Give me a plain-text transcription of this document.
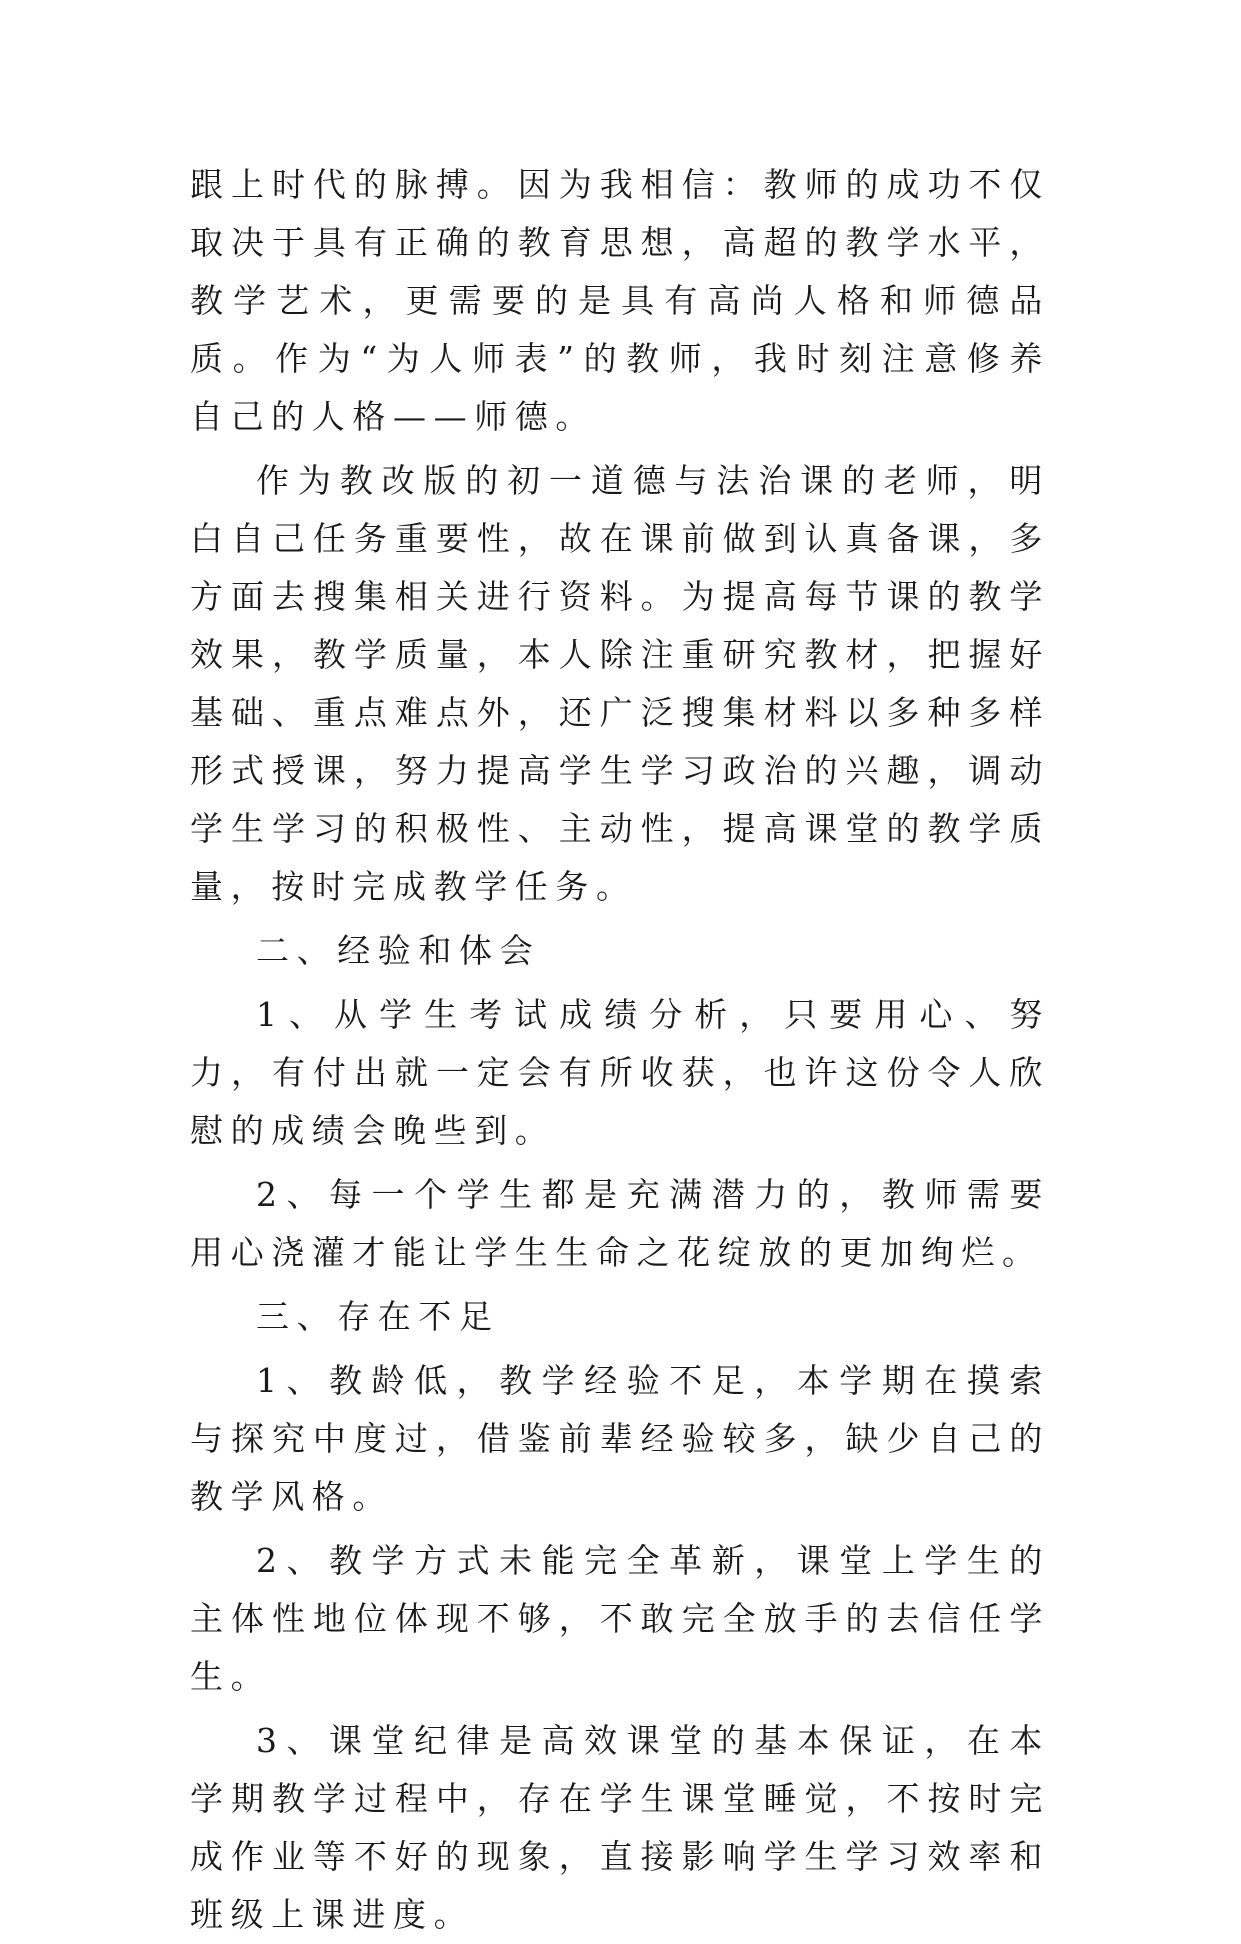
跟上时代的脉搏。因为我相信：教师的成功不仅取决于具有正确的教育思想，高超的教学水平，教学艺术，更需要的是具有高尚人格和师德品质。作为“为人师表”的教师，我时刻注意修养自己的人格——师德。

作为教改版的初一道德与法治课的老师，明白自己任务重要性，故在课前做到认真备课，多方面去搜集相关进行资料。为提高每节课的教学效果，教学质量，本人除注重研究教材，把握好基础、重点难点外，还广泛搜集材料以多种多样形式授课，努力提高学生学习政治的兴趣，调动学生学习的积极性、主动性，提高课堂的教学质量，按时完成教学任务。

二、经验和体会

1、从学生考试成绩分析，只要用心、努力，有付出就一定会有所收获，也许这份令人欣慰的成绩会晚些到。

2、每一个学生都是充满潜力的，教师需要用心浇灌才能让学生生命之花绽放的更加绚烂。

三、存在不足

1、教龄低，教学经验不足，本学期在摸索与探究中度过，借鉴前辈经验较多，缺少自己的教学风格。

2、教学方式未能完全革新，课堂上学生的主体性地位体现不够，不敢完全放手的去信任学生。

3、课堂纪律是高效课堂的基本保证，在本学期教学过程中，存在学生课堂睡觉，不按时完成作业等不好的现象，直接影响学生学习效率和班级上课进度。
